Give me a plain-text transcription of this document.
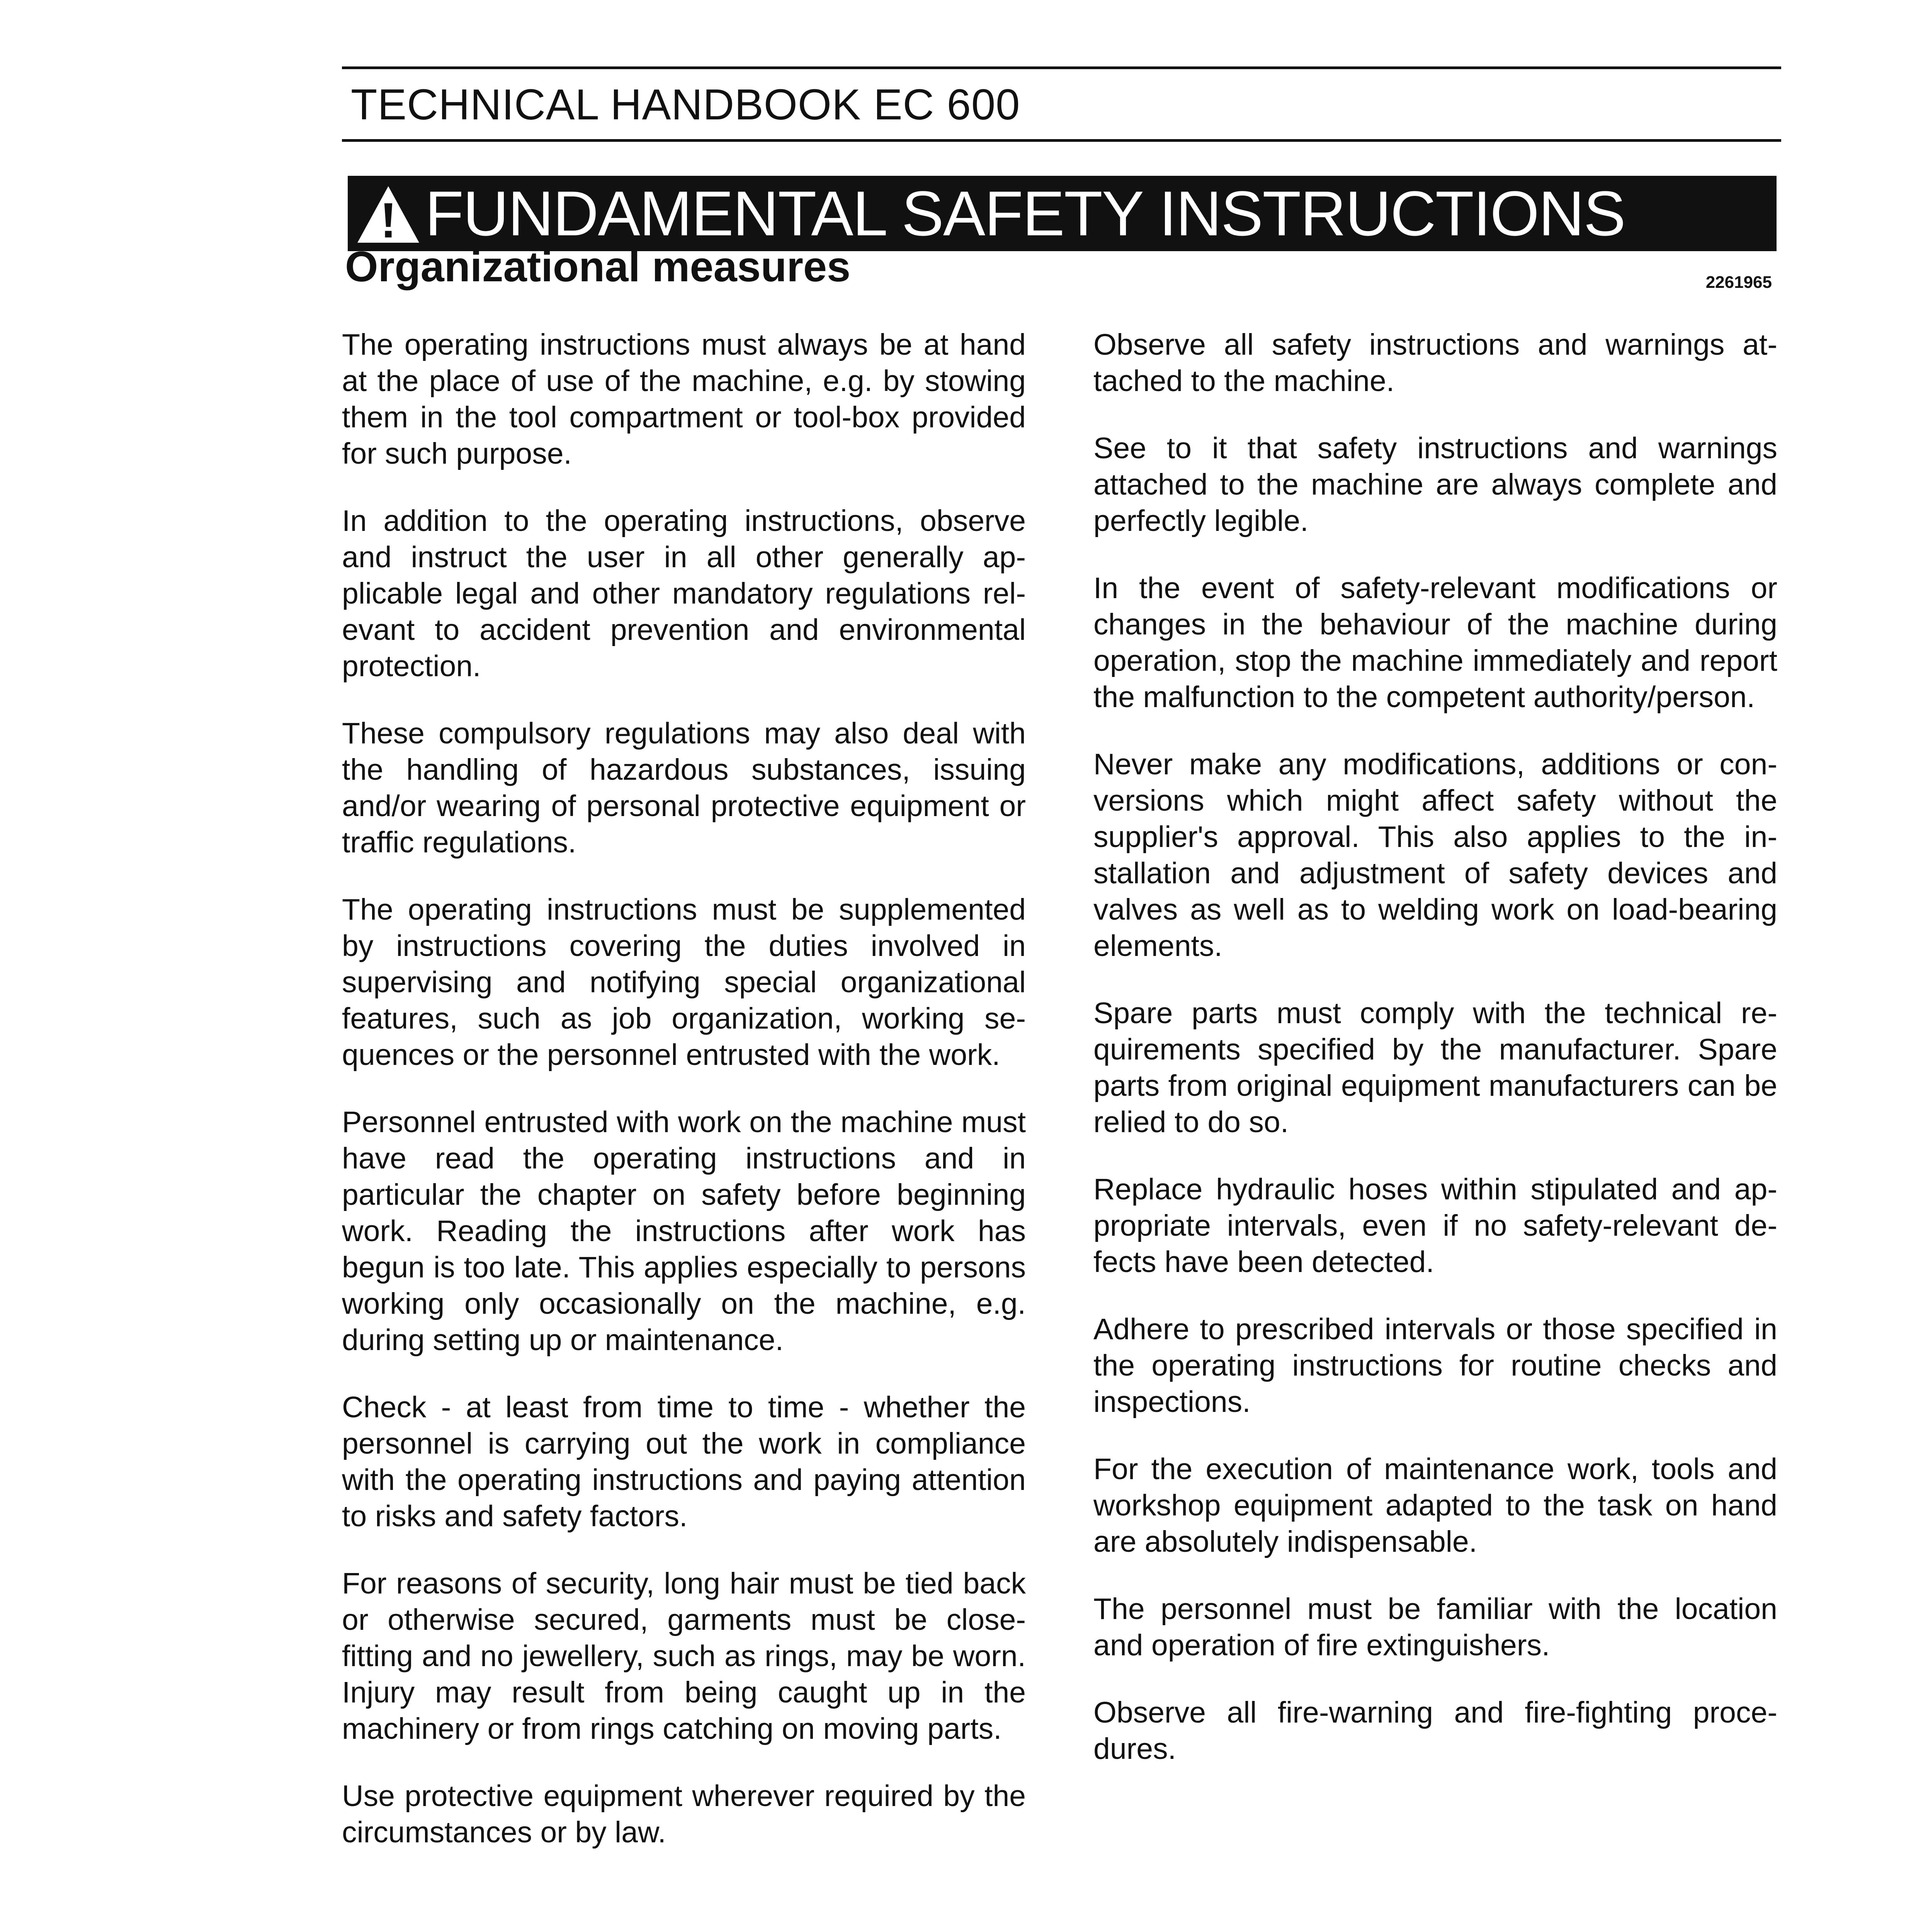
TECHNICAL HANDBOOK EC 600
FUNDAMENTAL SAFETY INSTRUCTIONS
Organizational measures	2261965

The operating instructions must always be at hand at the place of use of the machine, e.g. by stowing them in the tool compartment or tool-box provided for such purpose.

In addition to the operating instructions, observe and instruct the user in all other generally applicable legal and other mandatory regulations relevant to accident prevention and environmental protection.

These compulsory regulations may also deal with the handling of hazardous substances, issuing and/or wearing of personal protective equipment or traffic regulations.

The operating instructions must be supplemented by instructions covering the duties involved in supervising and notifying special organizational features, such as job organization, working sequences or the personnel entrusted with the work.

Personnel entrusted with work on the machine must have read the operating instructions and in particular the chapter on safety before beginning work. Reading the instructions after work has begun is too late. This applies especially to persons working only occasionally on the machine, e.g. during setting up or maintenance.

Check - at least from time to time - whether the personnel is carrying out the work in compliance with the operating instructions and paying attention to risks and safety factors.

For reasons of security, long hair must be tied back or otherwise secured, garments must be close-fitting and no jewellery, such as rings, may be worn. Injury may result from being caught up in the machinery or from rings catching on moving parts.

Use protective equipment wherever required by the circumstances or by law.

Observe all safety instructions and warnings attached to the machine.

See to it that safety instructions and warnings attached to the machine are always complete and perfectly legible.

In the event of safety-relevant modifications or changes in the behaviour of the machine during operation, stop the machine immediately and report the malfunction to the competent authority/person.

Never make any modifications, additions or conversions which might affect safety without the supplier's approval. This also applies to the installation and adjustment of safety devices and valves as well as to welding work on load-bearing elements.

Spare parts must comply with the technical requirements specified by the manufacturer. Spare parts from original equipment manufacturers can be relied to do so.

Replace hydraulic hoses within stipulated and appropriate intervals, even if no safety-relevant defects have been detected.

Adhere to prescribed intervals or those specified in the operating instructions for routine checks and inspections.

For the execution of maintenance work, tools and workshop equipment adapted to the task on hand are absolutely indispensable.

The personnel must be familiar with the location and operation of fire extinguishers.

Observe all fire-warning and fire-fighting procedures.
